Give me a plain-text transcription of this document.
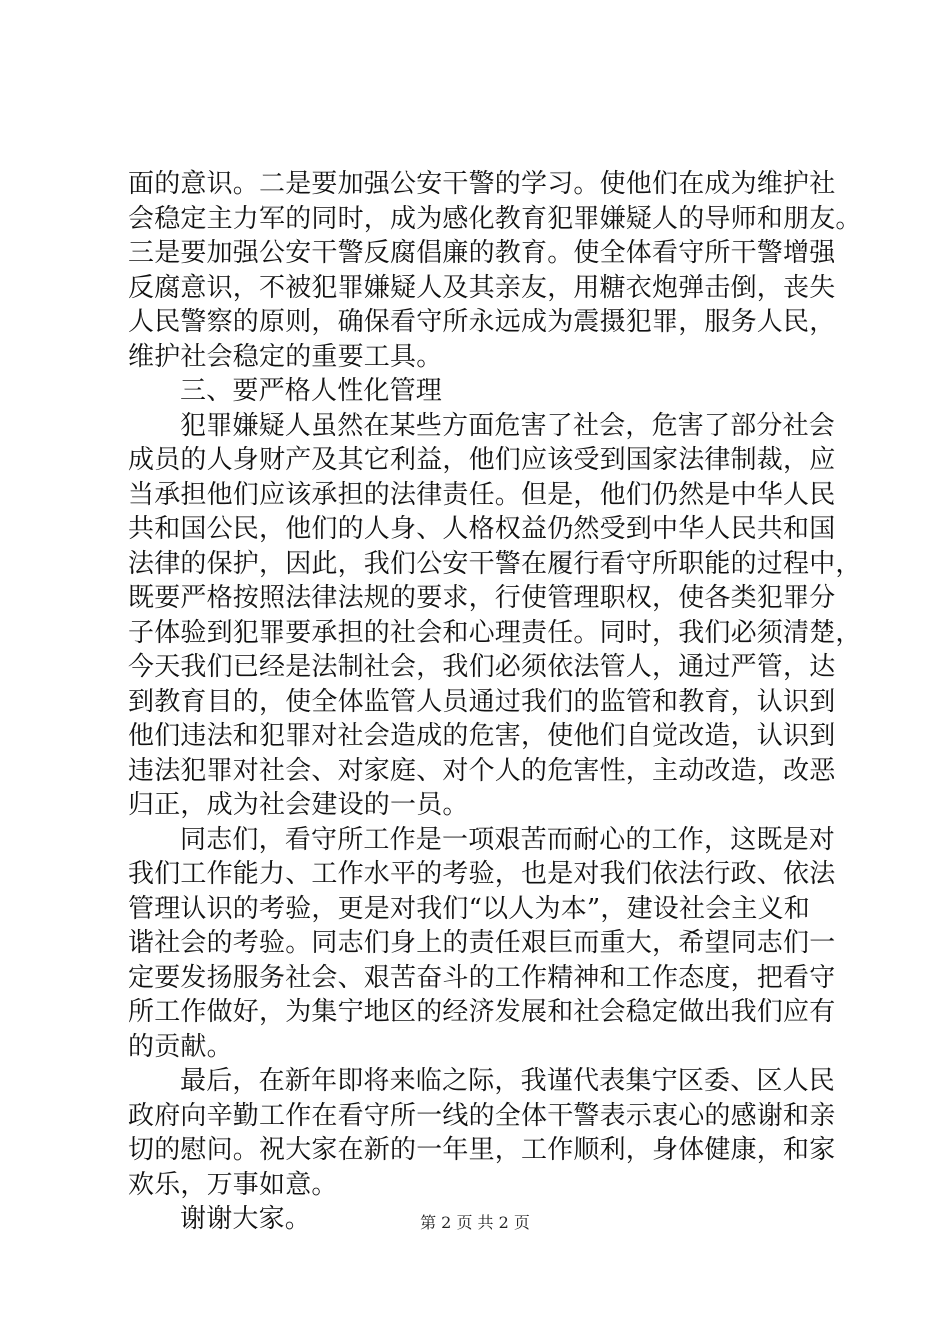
面的意识。二是要加强公安干警的学习。使他们在成为维护社
会稳定主力军的同时，成为感化教育犯罪嫌疑人的导师和朋友。
三是要加强公安干警反腐倡廉的教育。使全体看守所干警增强
反腐意识，不被犯罪嫌疑人及其亲友，用糖衣炮弹击倒，丧失
人民警察的原则，确保看守所永远成为震摄犯罪，服务人民，
维护社会稳定的重要工具。
三、要严格人性化管理
犯罪嫌疑人虽然在某些方面危害了社会，危害了部分社会
成员的人身财产及其它利益，他们应该受到国家法律制裁，应
当承担他们应该承担的法律责任。但是，他们仍然是中华人民
共和国公民，他们的人身、人格权益仍然受到中华人民共和国
法律的保护，因此，我们公安干警在履行看守所职能的过程中，
既要严格按照法律法规的要求，行使管理职权，使各类犯罪分
子体验到犯罪要承担的社会和心理责任。同时，我们必须清楚，
今天我们已经是法制社会，我们必须依法管人，通过严管，达
到教育目的，使全体监管人员通过我们的监管和教育，认识到
他们违法和犯罪对社会造成的危害，使他们自觉改造，认识到
违法犯罪对社会、对家庭、对个人的危害性，主动改造，改恶
归正，成为社会建设的一员。
同志们，看守所工作是一项艰苦而耐心的工作，这既是对
我们工作能力、工作水平的考验，也是对我们依法行政、依法
管理认识的考验，更是对我们“以人为本”，建设社会主义和
谐社会的考验。同志们身上的责任艰巨而重大，希望同志们一
定要发扬服务社会、艰苦奋斗的工作精神和工作态度，把看守
所工作做好，为集宁地区的经济发展和社会稳定做出我们应有
的贡献。
最后，在新年即将来临之际，我谨代表集宁区委、区人民
政府向辛勤工作在看守所一线的全体干警表示衷心的感谢和亲
切的慰问。祝大家在新的一年里，工作顺利，身体健康，和家
欢乐，万事如意。
谢谢大家。	第 2 页 共 2 页
